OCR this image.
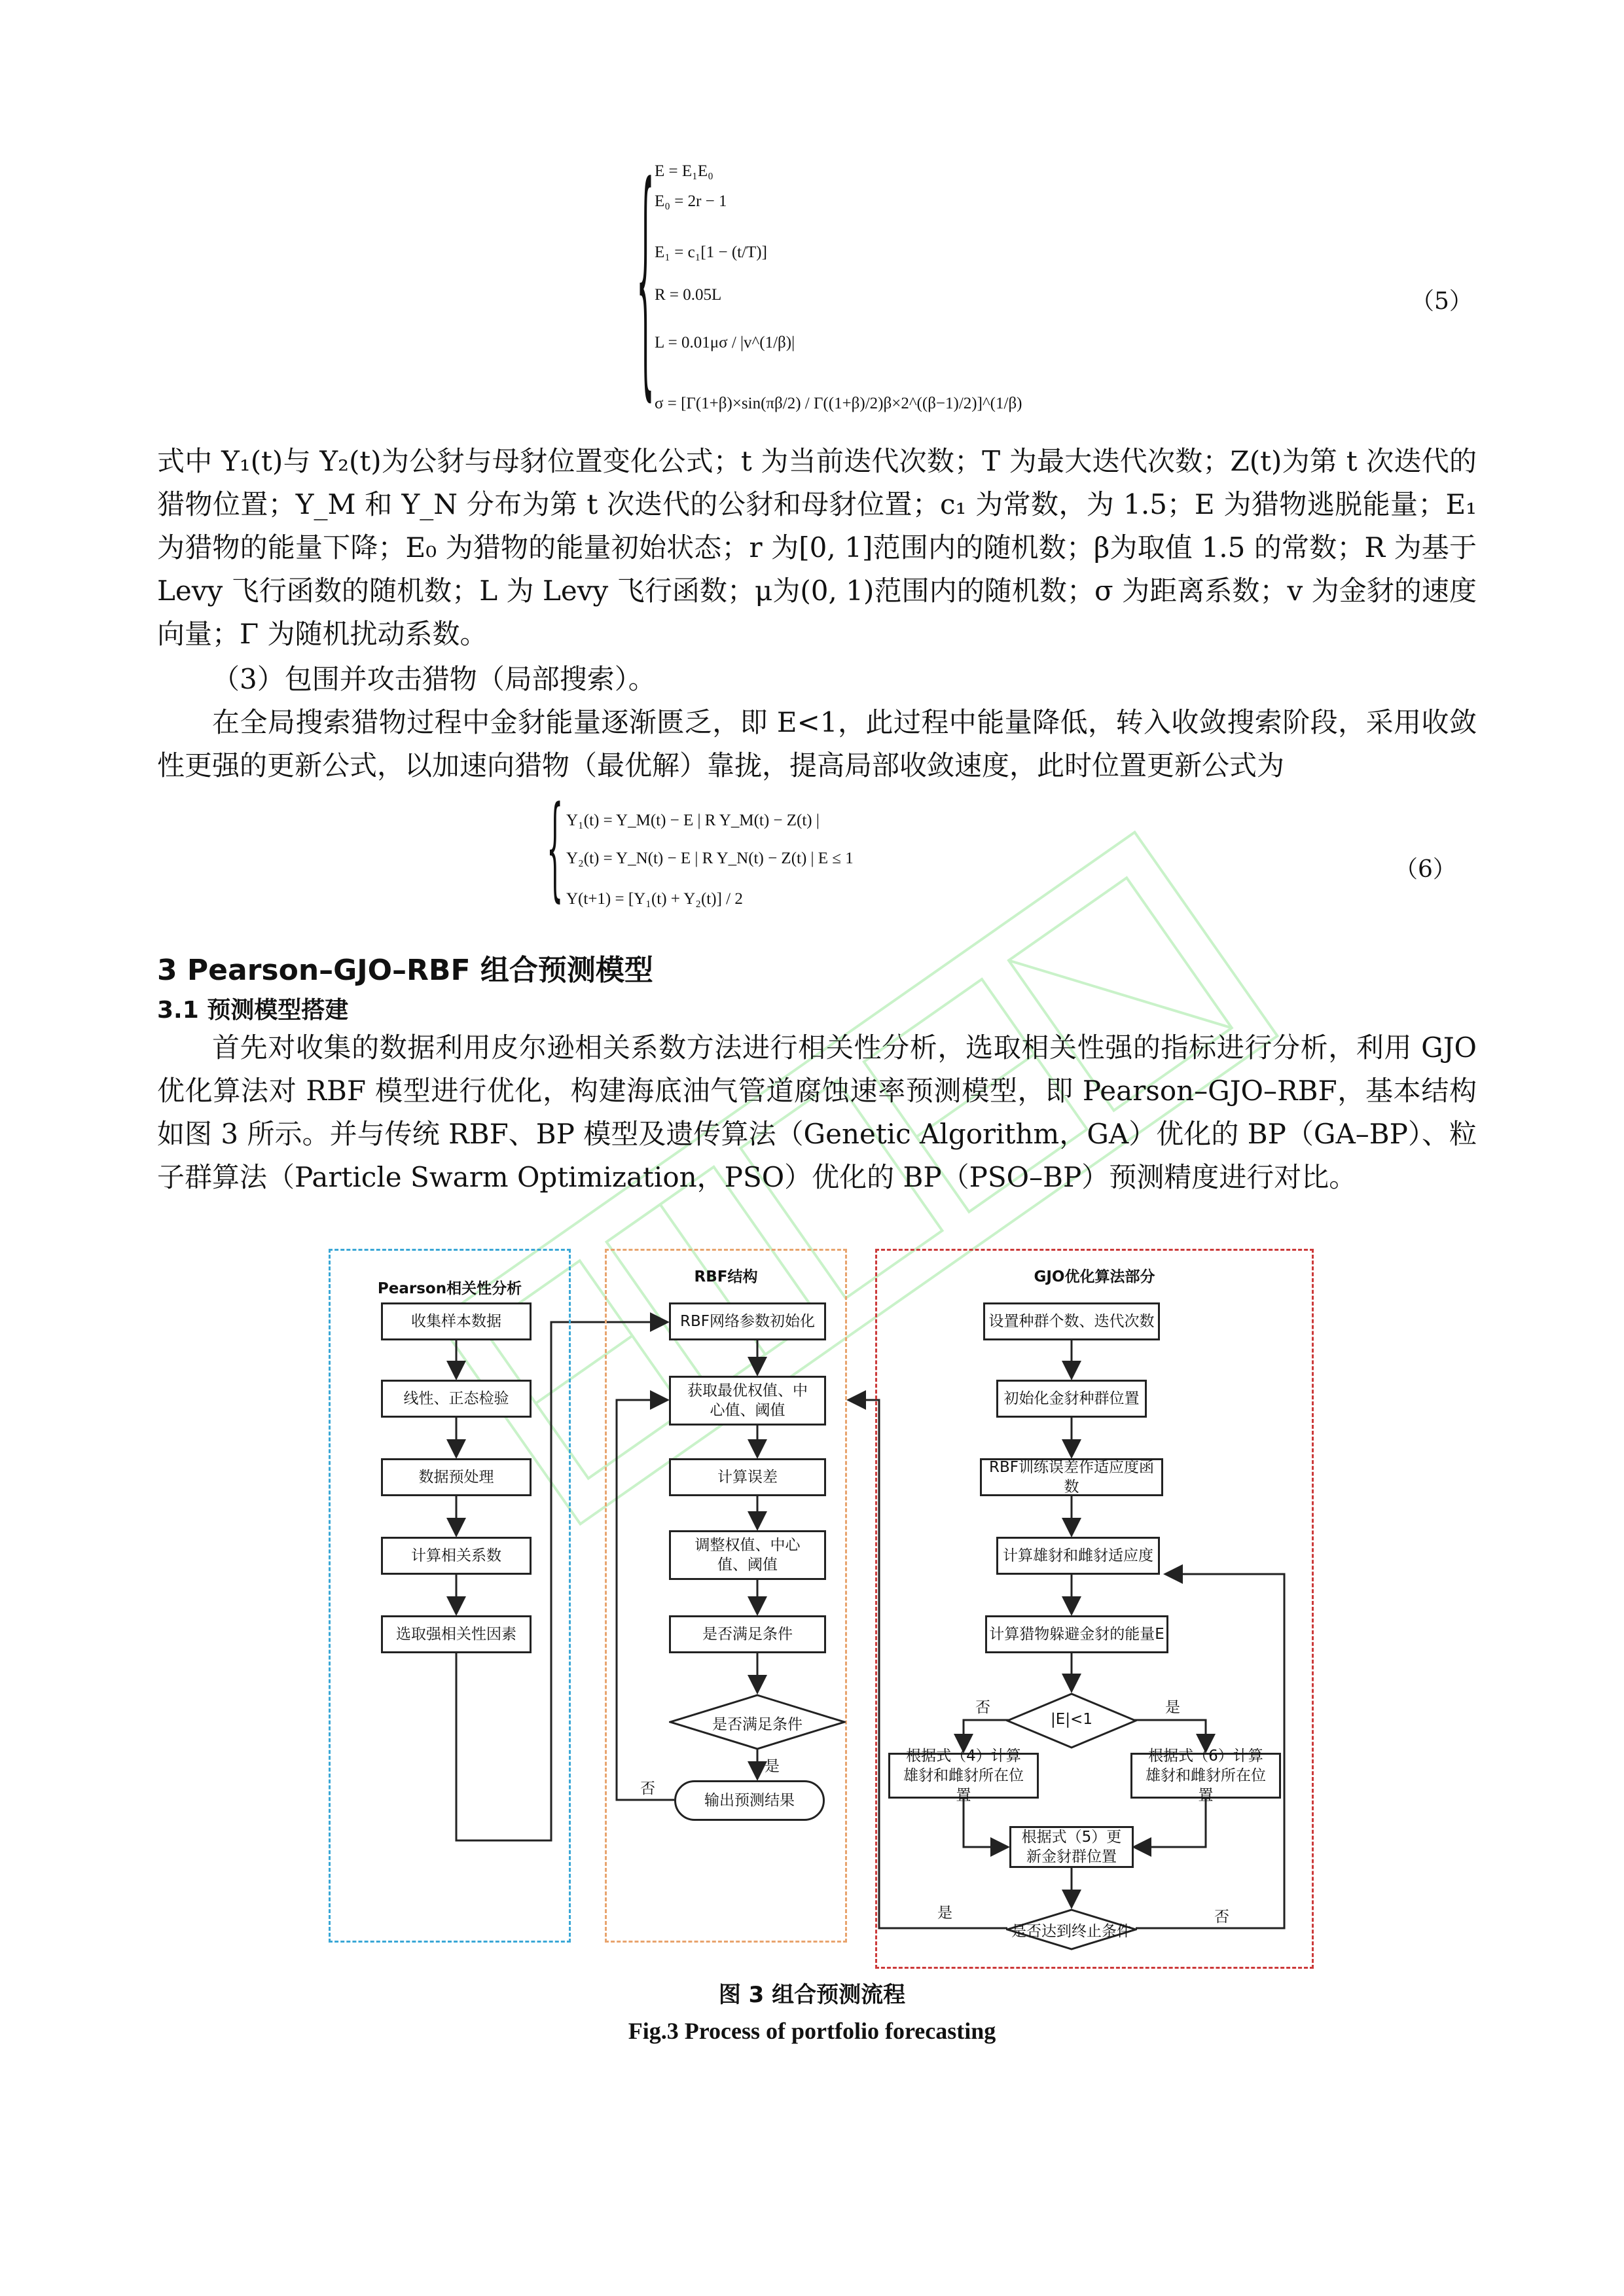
{ E = E₁E₀
E₀ = 2r − 1
E₁ = c₁[1 − (t/T)]
R = 0.05L
L = 0.01μσ / |v^(1/β)|
σ = [Γ(1+β)×sin(πβ/2) / Γ((1+β)/2)β×2^((β−1)/2)]^(1/β)
（5）
式中 Y₁(t)与 Y₂(t)为公豺与母豺位置变化公式；t 为当前迭代次数；T 为最大迭代次数；Z(t)为第 t 次迭代的猎物位置；Y_M 和 Y_N 分布为第 t 次迭代的公豺和母豺位置；c₁ 为常数，为 1.5；E 为猎物逃脱能量；E₁ 为猎物的能量下降；E₀ 为猎物的能量初始状态；r 为[0, 1]范围内的随机数；β为取值 1.5 的常数；R 为基于 Levy 飞行函数的随机数；L 为 Levy 飞行函数；μ为(0, 1)范围内的随机数；σ 为距离系数；v 为金豺的速度向量；Γ 为随机扰动系数。
（3）包围并攻击猎物（局部搜索）。
在全局搜索猎物过程中金豺能量逐渐匮乏，即 E<1，此过程中能量降低，转入收敛搜索阶段，采用收敛性更强的更新公式，以加速向猎物（最优解）靠拢，提高局部收敛速度，此时位置更新公式为
{ Y₁(t) = Y_M(t) − E | R Y_M(t) − Z(t) |
Y₂(t) = Y_N(t) − E | R Y_N(t) − Z(t) | E ≤ 1
Y(t+1) = [Y₁(t) + Y₂(t)] / 2
（6）
3 Pearson–GJO–RBF 组合预测模型
3.1 预测模型搭建
首先对收集的数据利用皮尔逊相关系数方法进行相关性分析，选取相关性强的指标进行分析，利用 GJO 优化算法对 RBF 模型进行优化，构建海底油气管道腐蚀速率预测模型，即 Pearson–GJO–RBF，基本结构如图 3 所示。并与传统 RBF、BP 模型及遗传算法（Genetic Algorithm，GA）优化的 BP（GA–BP）、粒子群算法（Particle Swarm Optimization，PSO）优化的 BP（PSO–BP）预测精度进行对比。
Pearson相关性分析
RBF结构	GJO优化算法部分
收集样本数据
线性、正态检验
数据预处理
计算相关系数
选取强相关性因素
RBF网络参数初始化
获取最优权值、中心值、阈值
计算误差
调整权值、中心值、阈值
是否满足条件
是否满足条件
输出预测结果
是
否
设置种群个数、迭代次数
初始化金豺种群位置
RBF训练误差作适应度函数
计算雄豺和雌豺适应度
计算猎物躲避金豺的能量E
|E|<1
否	是
根据式（4）计算雄豺和雌豺所在位置
根据式（6）计算雄豺和雌豺所在位置
根据式（5）更新金豺群位置
是否达到终止条件
是	否
图 3 组合预测流程
Fig.3 Process of portfolio forecasting
